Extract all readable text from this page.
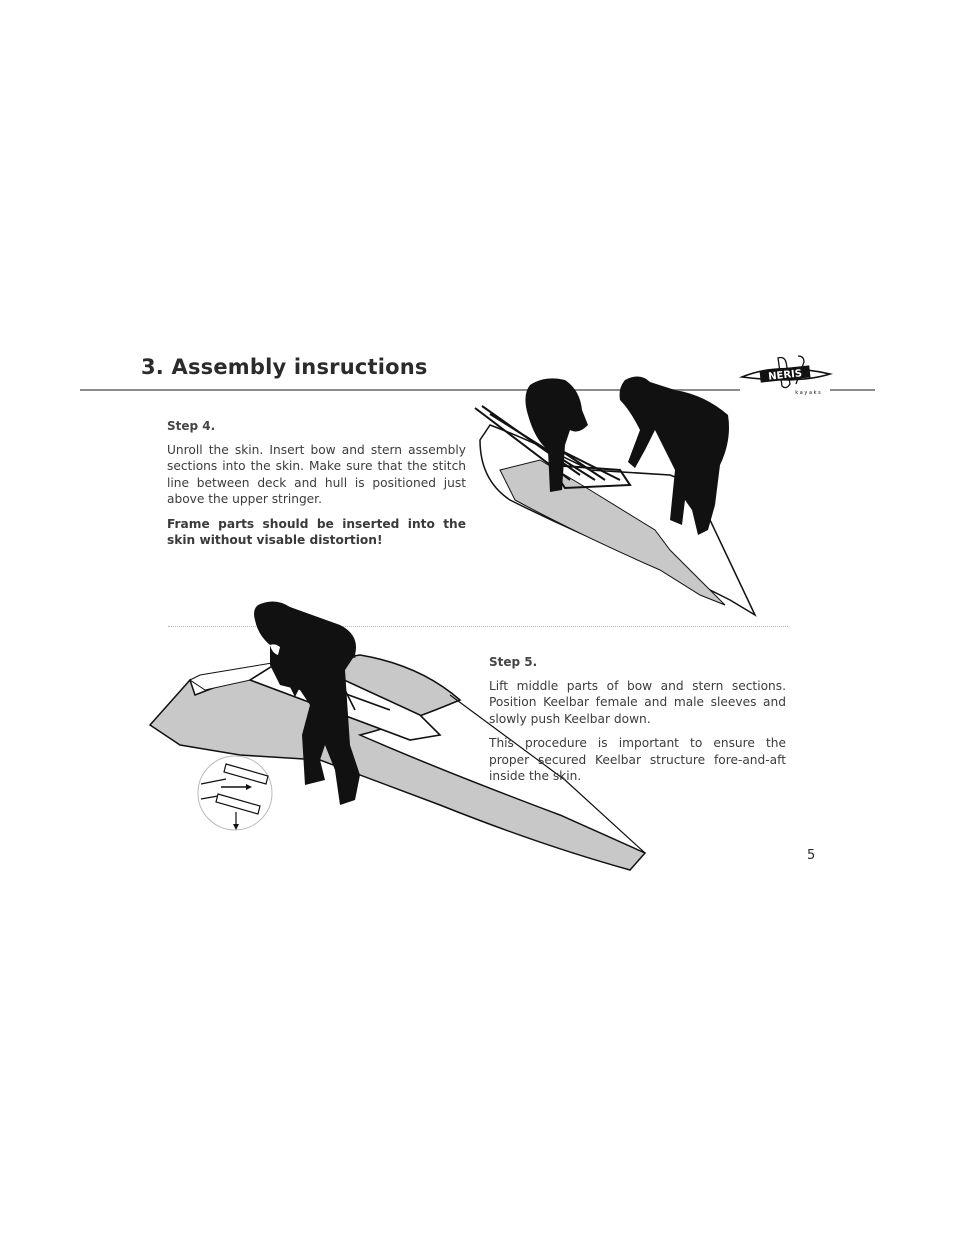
3. Assembly insructions	NERIS
k a y a k s
Step 4.

Unroll the skin. Insert bow and stern assembly sections into the skin. Make sure that the stitch line between deck and hull is positioned just above the upper stringer.

Frame parts should be inserted into the skin without visable distortion!

Step 5.

Lift middle parts of bow and stern sections. Position Keelbar female and male sleeves and slowly push Keelbar down.

This procedure is important to ensure the proper secured Keelbar structure fore-and-aft inside the skin.

5
